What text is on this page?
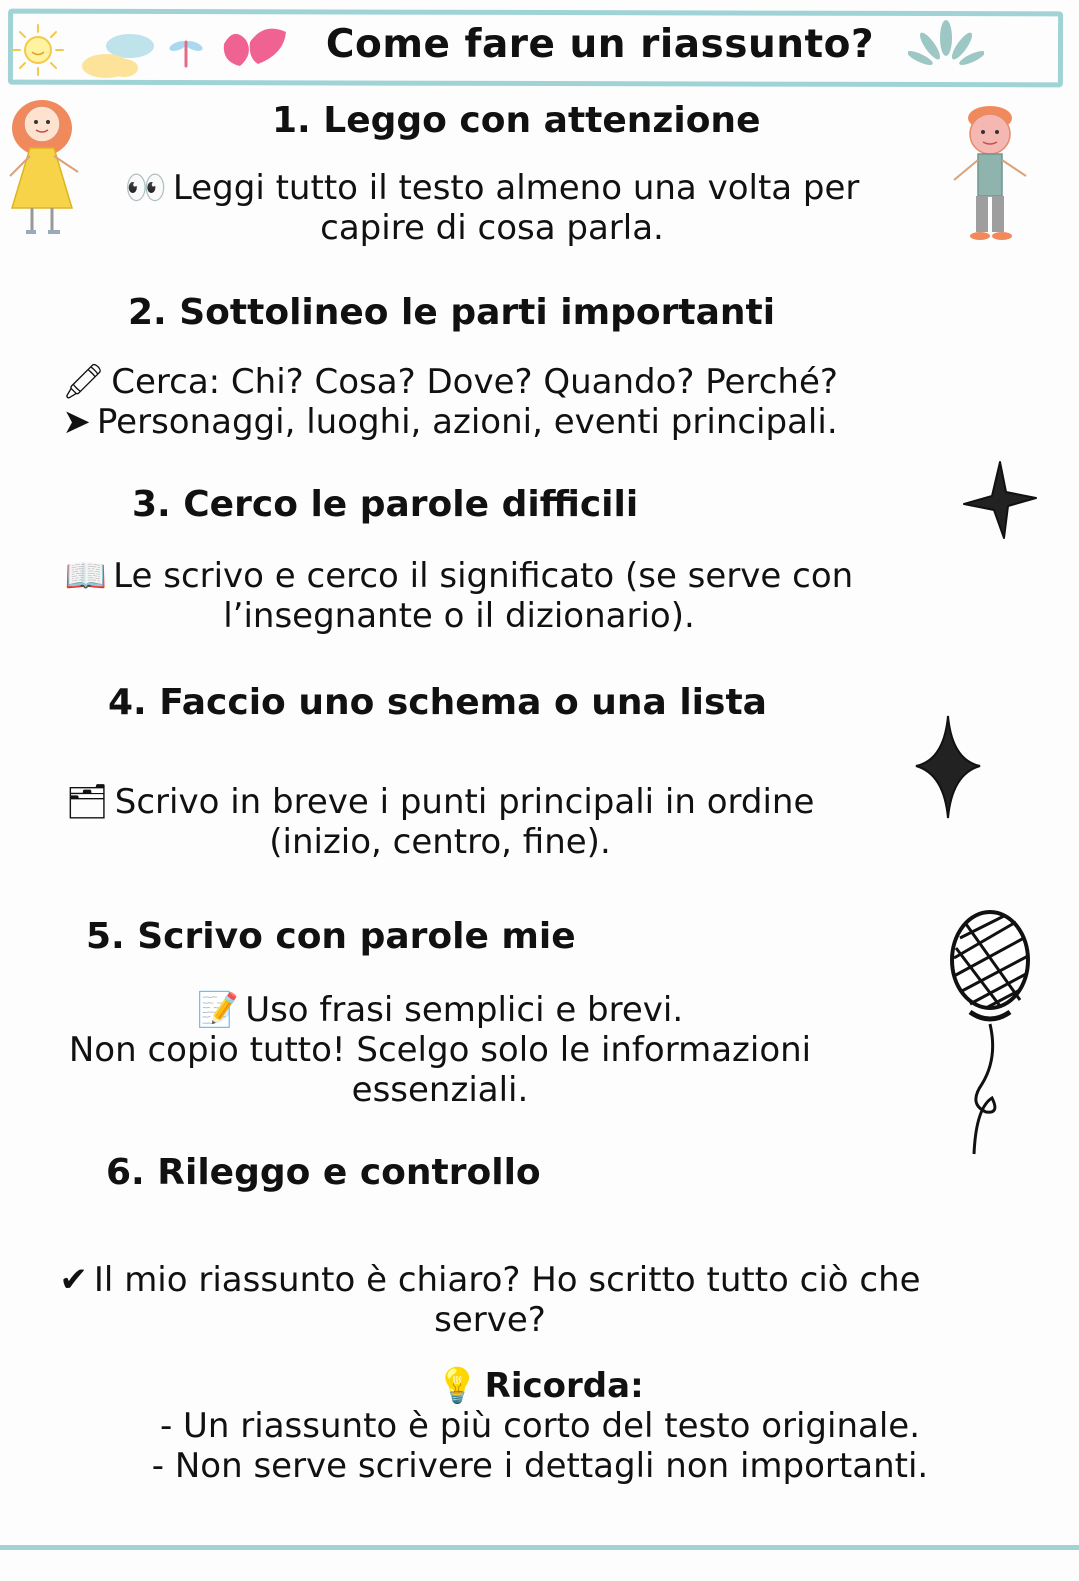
Come fare un riassunto?
1. Leggo con attenzione
👀 Leggi tutto il testo almeno una volta per
capire di cosa parla.
2. Sottolineo le parti importanti
🖍 Cerca: Chi? Cosa? Dove? Quando? Perché?
➤ Personaggi, luoghi, azioni, eventi principali.
3. Cerco le parole difficili
📖 Le scrivo e cerco il significato (se serve con
l’insegnante o il dizionario).
4. Faccio uno schema o una lista
🗂 Scrivo in breve i punti principali in ordine
(inizio, centro, fine).
5. Scrivo con parole mie
📝 Uso frasi semplici e brevi.
Non copio tutto! Scelgo solo le informazioni
essenziali.
6. Rileggo e controllo
✔ Il mio riassunto è chiaro? Ho scritto tutto ciò che
serve?
💡 Ricorda:
- Un riassunto è più corto del testo originale.
- Non serve scrivere i dettagli non importanti.
